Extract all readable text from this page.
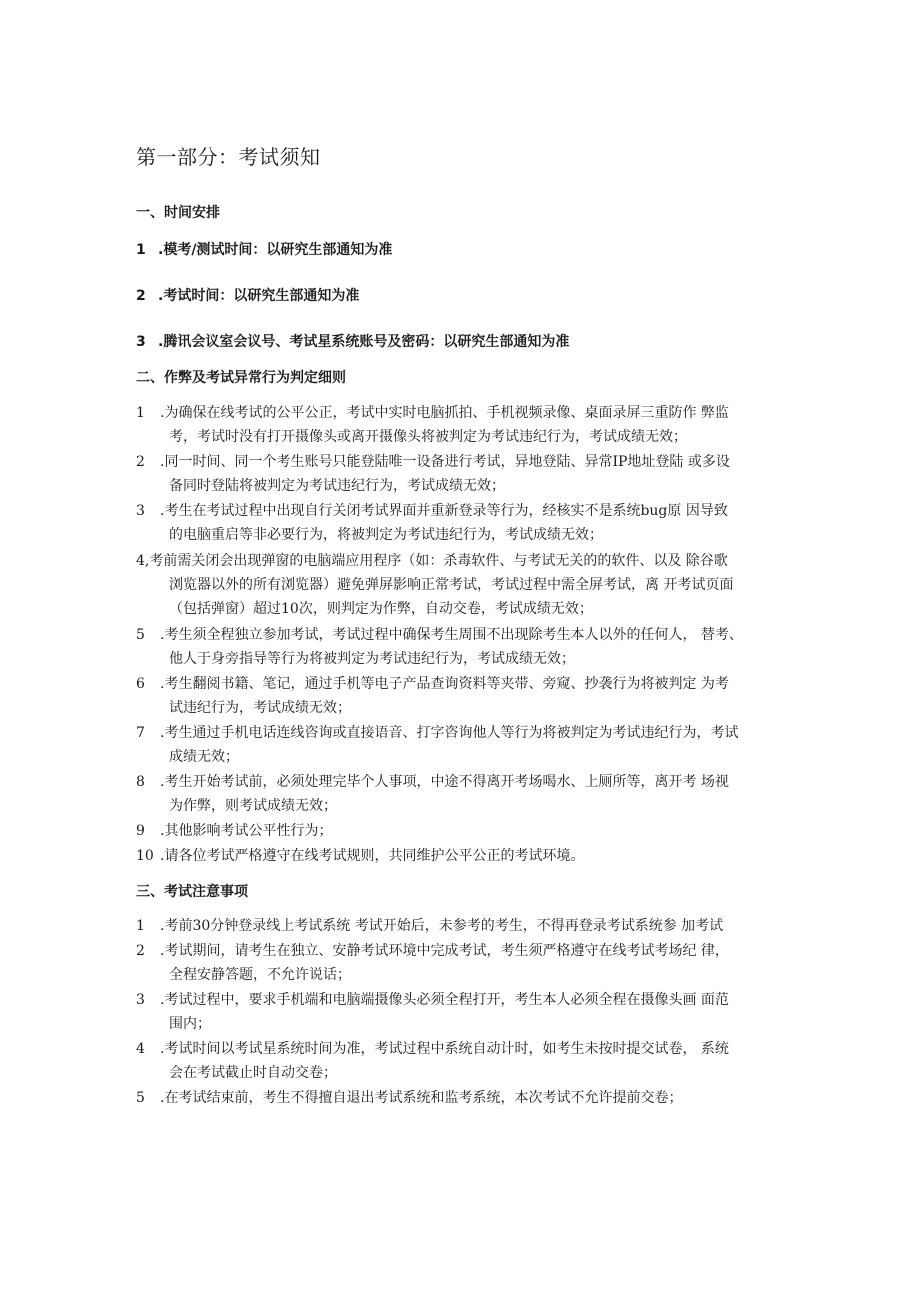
第一部分：考试须知
一、时间安排
1 .模考/测试时间：以研究生部通知为准
2 .考试时间：以研究生部通知为准
3 .腾讯会议室会议号、考试星系统账号及密码：以研究生部通知为准
二、作弊及考试异常行为判定细则
1 .为确保在线考试的公平公正，考试中实时电脑抓拍、手机视频录像、桌面录屏三重防作 弊监
考，考试时没有打开摄像头或离开摄像头将被判定为考试违纪行为，考试成绩无效；
2 .同一时间、同一个考生账号只能登陆唯一设备进行考试，异地登陆、异常IP地址登陆 或多设
备同时登陆将被判定为考试违纪行为，考试成绩无效；
3 .考生在考试过程中出现自行关闭考试界面并重新登录等行为，经核实不是系统bug原 因导致
的电脑重启等非必要行为，将被判定为考试违纪行为，考试成绩无效；
4,考前需关闭会出现弹窗的电脑端应用程序（如：杀毒软件、与考试无关的的软件、以及 除谷歌
浏览器以外的所有浏览器）避免弹屏影响正常考试，考试过程中需全屏考试，离 开考试页面
（包括弹窗）超过10次，则判定为作弊，自动交卷，考试成绩无效；
5 .考生须全程独立参加考试，考试过程中确保考生周围不出现除考生本人以外的任何人， 替考、
他人于身旁指导等行为将被判定为考试违纪行为，考试成绩无效；
6 .考生翻阅书籍、笔记，通过手机等电子产品查询资料等夹带、旁窥、抄袭行为将被判定 为考
试违纪行为，考试成绩无效；
7 .考生通过手机电话连线咨询或直接语音、打字咨询他人等行为将被判定为考试违纪行为，考试
成绩无效；
8 .考生开始考试前，必须处理完毕个人事项，中途不得离开考场喝水、上厕所等，离开考 场视
为作弊，则考试成绩无效；
9 .其他影响考试公平性行为；
10 .请各位考试严格遵守在线考试规则，共同维护公平公正的考试环境。
三、考试注意事项
1 .考前30分钟登录线上考试系统 考试开始后，未参考的考生，不得再登录考试系统参 加考试
2 .考试期间，请考生在独立、安静考试环境中完成考试，考生须严格遵守在线考试考场纪 律，
全程安静答题，不允许说话；
3 .考试过程中，要求手机端和电脑端摄像头必须全程打开，考生本人必须全程在摄像头画 面范
围内；
4 .考试时间以考试星系统时间为准，考试过程中系统自动计时，如考生未按时提交试卷， 系统
会在考试截止时自动交卷；
5 .在考试结束前，考生不得擅自退出考试系统和监考系统，本次考试不允许提前交卷；
